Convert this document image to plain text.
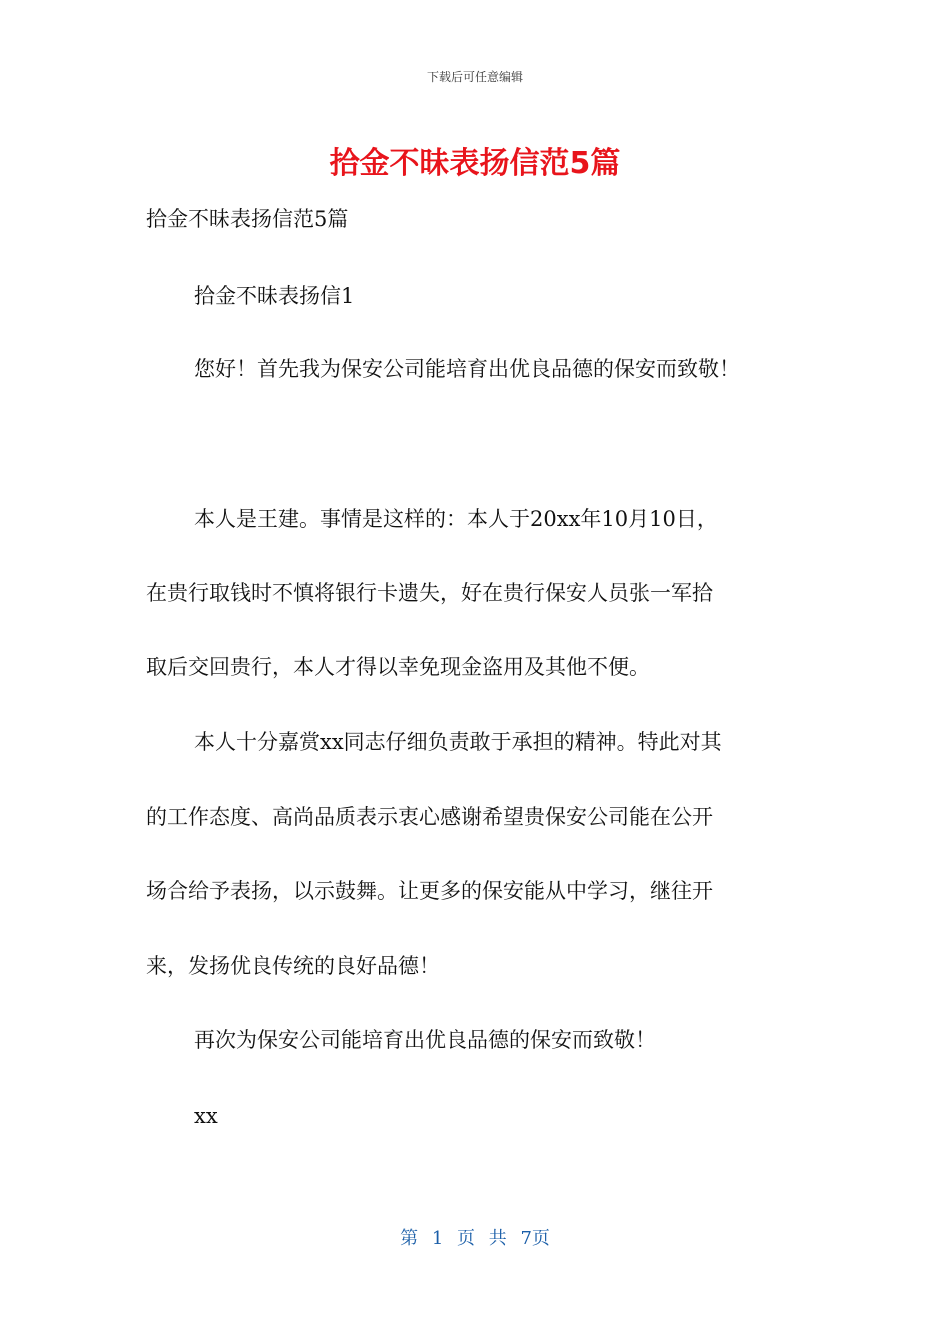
下载后可任意编辑
拾金不昧表扬信范5篇

拾金不昧表扬信范5篇

拾金不昧表扬信1

您好！首先我为保安公司能培育出优良品德的保安而致敬！

本人是王建。事情是这样的：本人于20xx年10月10日，

在贵行取钱时不慎将银行卡遗失，好在贵行保安人员张一军拾

取后交回贵行，本人才得以幸免现金盗用及其他不便。

本人十分嘉赏xx同志仔细负责敢于承担的精神。特此对其

的工作态度、高尚品质表示衷心感谢希望贵保安公司能在公开

场合给予表扬，以示鼓舞。让更多的保安能从中学习，继往开

来，发扬优良传统的良好品德！

再次为保安公司能培育出优良品德的保安而致敬！

xx

第 1 页 共 7页
